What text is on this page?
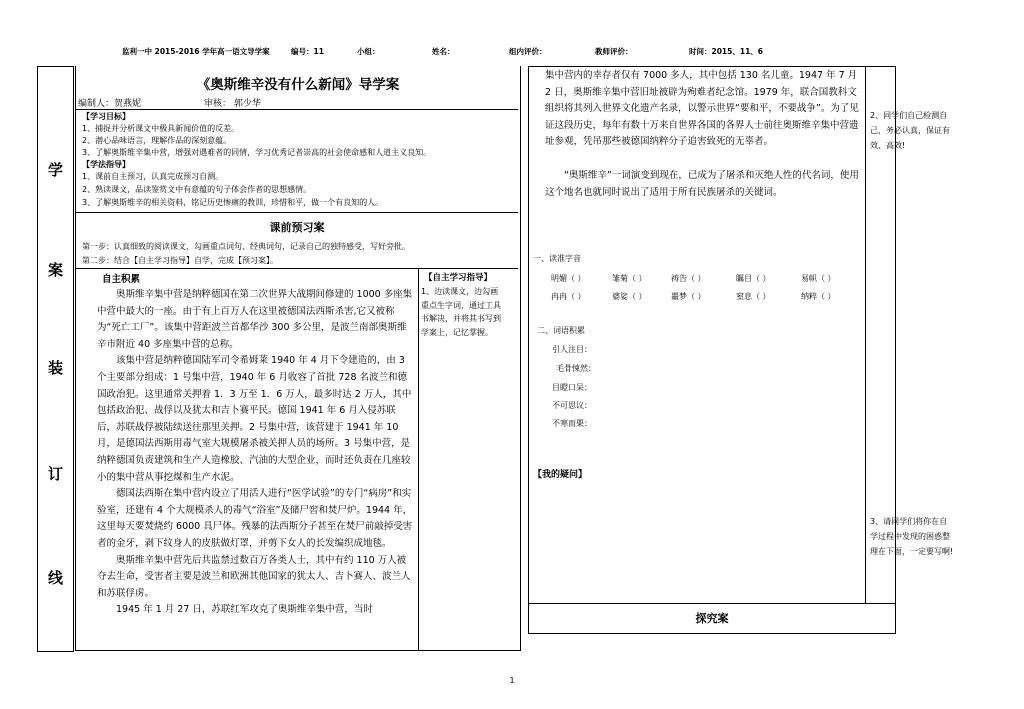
监利一中 2015-2016 学年高一语文导学案	编号：11	小组：	姓名：	组内评价：	教师评价：	时间：2015、11、6
学
案
装
订
线
《奥斯维辛没有什么新闻》导学案
编制人：贺燕妮	审核： 郭少华
【学习目标】
1、捕捉并分析课文中极具新闻价值的反差。
2、潜心品味语言，理解作品的深刻意蕴。
3、了解奥斯维辛集中营，增强对遇难者的同情，学习优秀记者崇高的社会使命感和人道主义良知。
【学法指导】
1、课前自主预习，认真完成预习自测。
2、熟读课文，品读鉴赏文中有意蕴的句子体会作者的思想感情。
3、了解奥斯维辛的相关资料，铭记历史惨痛的教训，珍惜和平，做一个有良知的人。
课前预习案
第一步：认真细致的阅读课文，勾画重点词句、经典词句，记录自己的独特感受，写好旁批。
第二步：结合【自主学习指导】自学，完成【预习案】。
自主积累

奥斯维辛集中营是纳粹德国在第二次世界大战期间修建的 1000 多座集中营中最大的一座。由于有上百万人在这里被德国法西斯杀害,它又被称为“死亡工厂”。该集中营距波兰首都华沙 300 多公里，是波兰南部奥斯维辛市附近 40 多座集中营的总称。

该集中营是纳粹德国陆军司令希姆莱 1940 年 4 月下令建造的，由 3 个主要部分组成：1 号集中营，1940 年 6 月收容了首批 728 名波兰和德国政治犯。这里通常关押着 1．3 万至 1．6 万人，最多时达 2 万人，其中包括政治犯、战俘以及犹太和吉卜赛平民。德国 1941 年 6 月入侵苏联后，苏联战俘被陆续送往那里关押。2 号集中营，该营建于 1941 年 10 月，是德国法西斯用毒气室大规模屠杀被关押人员的场所。3 号集中营，是纳粹德国负责建筑和生产人造橡胶、汽油的大型企业，而时还负责在几座较小的集中营从事挖煤和生产水泥。

德国法西斯在集中营内设立了用活人进行“医学试验”的专门“病房”和实验室，还建有 4 个大规模杀人的毒气“浴室”及储尸窖和焚尸炉。1944 年，这里每天要焚烧约 6000 具尸体。残暴的法西斯分子甚至在焚尸前敲掉受害者的金牙，剥下纹身人的皮肤做灯罩，并剪下女人的长发编织成地毯。

奥斯维辛集中营先后共监禁过数百万各类人士，其中有约 110 万人被夺去生命，受害者主要是波兰和欧洲其他国家的犹太人、吉卜赛人、波兰人和苏联俘虏。

1945 年 1 月 27 日，苏联红军攻克了奥斯维辛集中营，当时

【自主学习指导】
1、边读课文，边勾画重点生字词，通过工具书解决，并将其书写到学案上，记忆掌握。
集中营内的幸存者仅有 7000 多人，其中包括 130 名儿童。1947 年 7 月 2 日，奥斯维辛集中营旧址被辟为殉难者纪念馆。1979 年，联合国教科文组织将其列入世界文化遗产名录，以警示世界“要和平，不要战争”。为了见证这段历史，每年有数十万来自世界各国的各界人士前往奥斯维辛集中营遗址参观，凭吊那些被德国纳粹分子追害致死的无辜者。
“奥斯维辛”一词演变到现在，已成为了屠杀和灭绝人性的代名词，使用这个地名也就同时说出了适用于所有民族屠杀的关键词。
一、读准字音
明媚（ ）	雏菊（ ）	祷告（ ）	瞩目（ ）	易帜（ ）
冉冉（ ）	婆娑（ ）	噩梦（ ）	窒息（ ）	纳粹（ ）
二、词语积累
引人注目：
毛骨悚然：
目瞪口呆：
不可思议：
不寒而栗：
【我的疑问】
2、同学们自己检测自己，务必认真，保证有效、高效!
3、请同学们将你在自学过程中发现的困惑整理在下面，一定要写啊!
探究案
1
